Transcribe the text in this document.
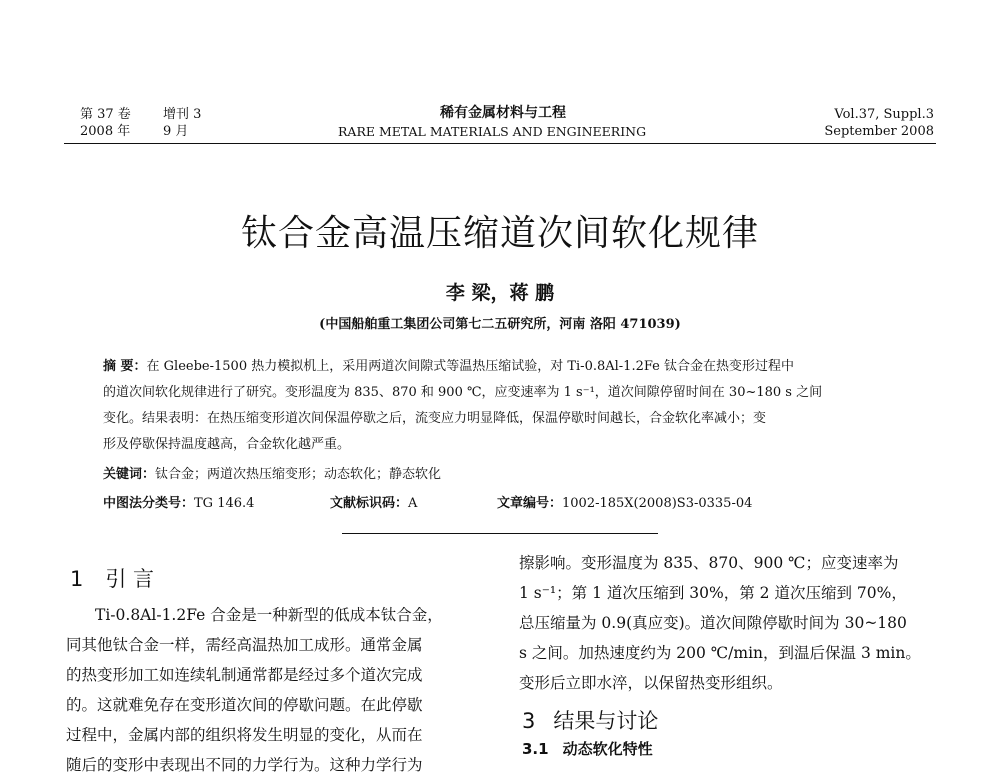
第 37 卷 增刊 3
2008 年	9 月
稀有金属材料与工程
RARE METAL MATERIALS AND ENGINEERING
Vol.37, Suppl.3
September 2008
钛合金高温压缩道次间软化规律
李 梁，蒋 鹏
(中国船舶重工集团公司第七二五研究所，河南 洛阳 471039)
摘 要：在 Gleebe-1500 热力模拟机上，采用两道次间隙式等温热压缩试验，对 Ti-0.8Al-1.2Fe 钛合金在热变形过程中
的道次间软化规律进行了研究。变形温度为 835、870 和 900 ℃，应变速率为 1 s⁻¹，道次间隙停留时间在 30~180 s 之间
变化。结果表明：在热压缩变形道次间保温停歇之后，流变应力明显降低，保温停歇时间越长，合金软化率减小；变
形及停歇保持温度越高，合金软化越严重。
关键词：钛合金；两道次热压缩变形；动态软化；静态软化
中图法分类号：TG 146.4	文献标识码：A	文章编号：1002-185X(2008)S3-0335-04
1 引 言
Ti-0.8Al-1.2Fe 合金是一种新型的低成本钛合金，
同其他钛合金一样，需经高温热加工成形。通常金属
的热变形加工如连续轧制通常都是经过多个道次完成
的。这就难免存在变形道次间的停歇问题。在此停歇
过程中，金属内部的组织将发生明显的变化，从而在
随后的变形中表现出不同的力学行为。这种力学行为
擦影响。变形温度为 835、870、900 ℃；应变速率为
1 s⁻¹；第 1 道次压缩到 30%，第 2 道次压缩到 70%，
总压缩量为 0.9(真应变)。道次间隙停歇时间为 30~180
s 之间。加热速度约为 200 ℃/min，到温后保温 3 min。
变形后立即水淬，以保留热变形组织。
3 结果与讨论
3.1 动态软化特性
